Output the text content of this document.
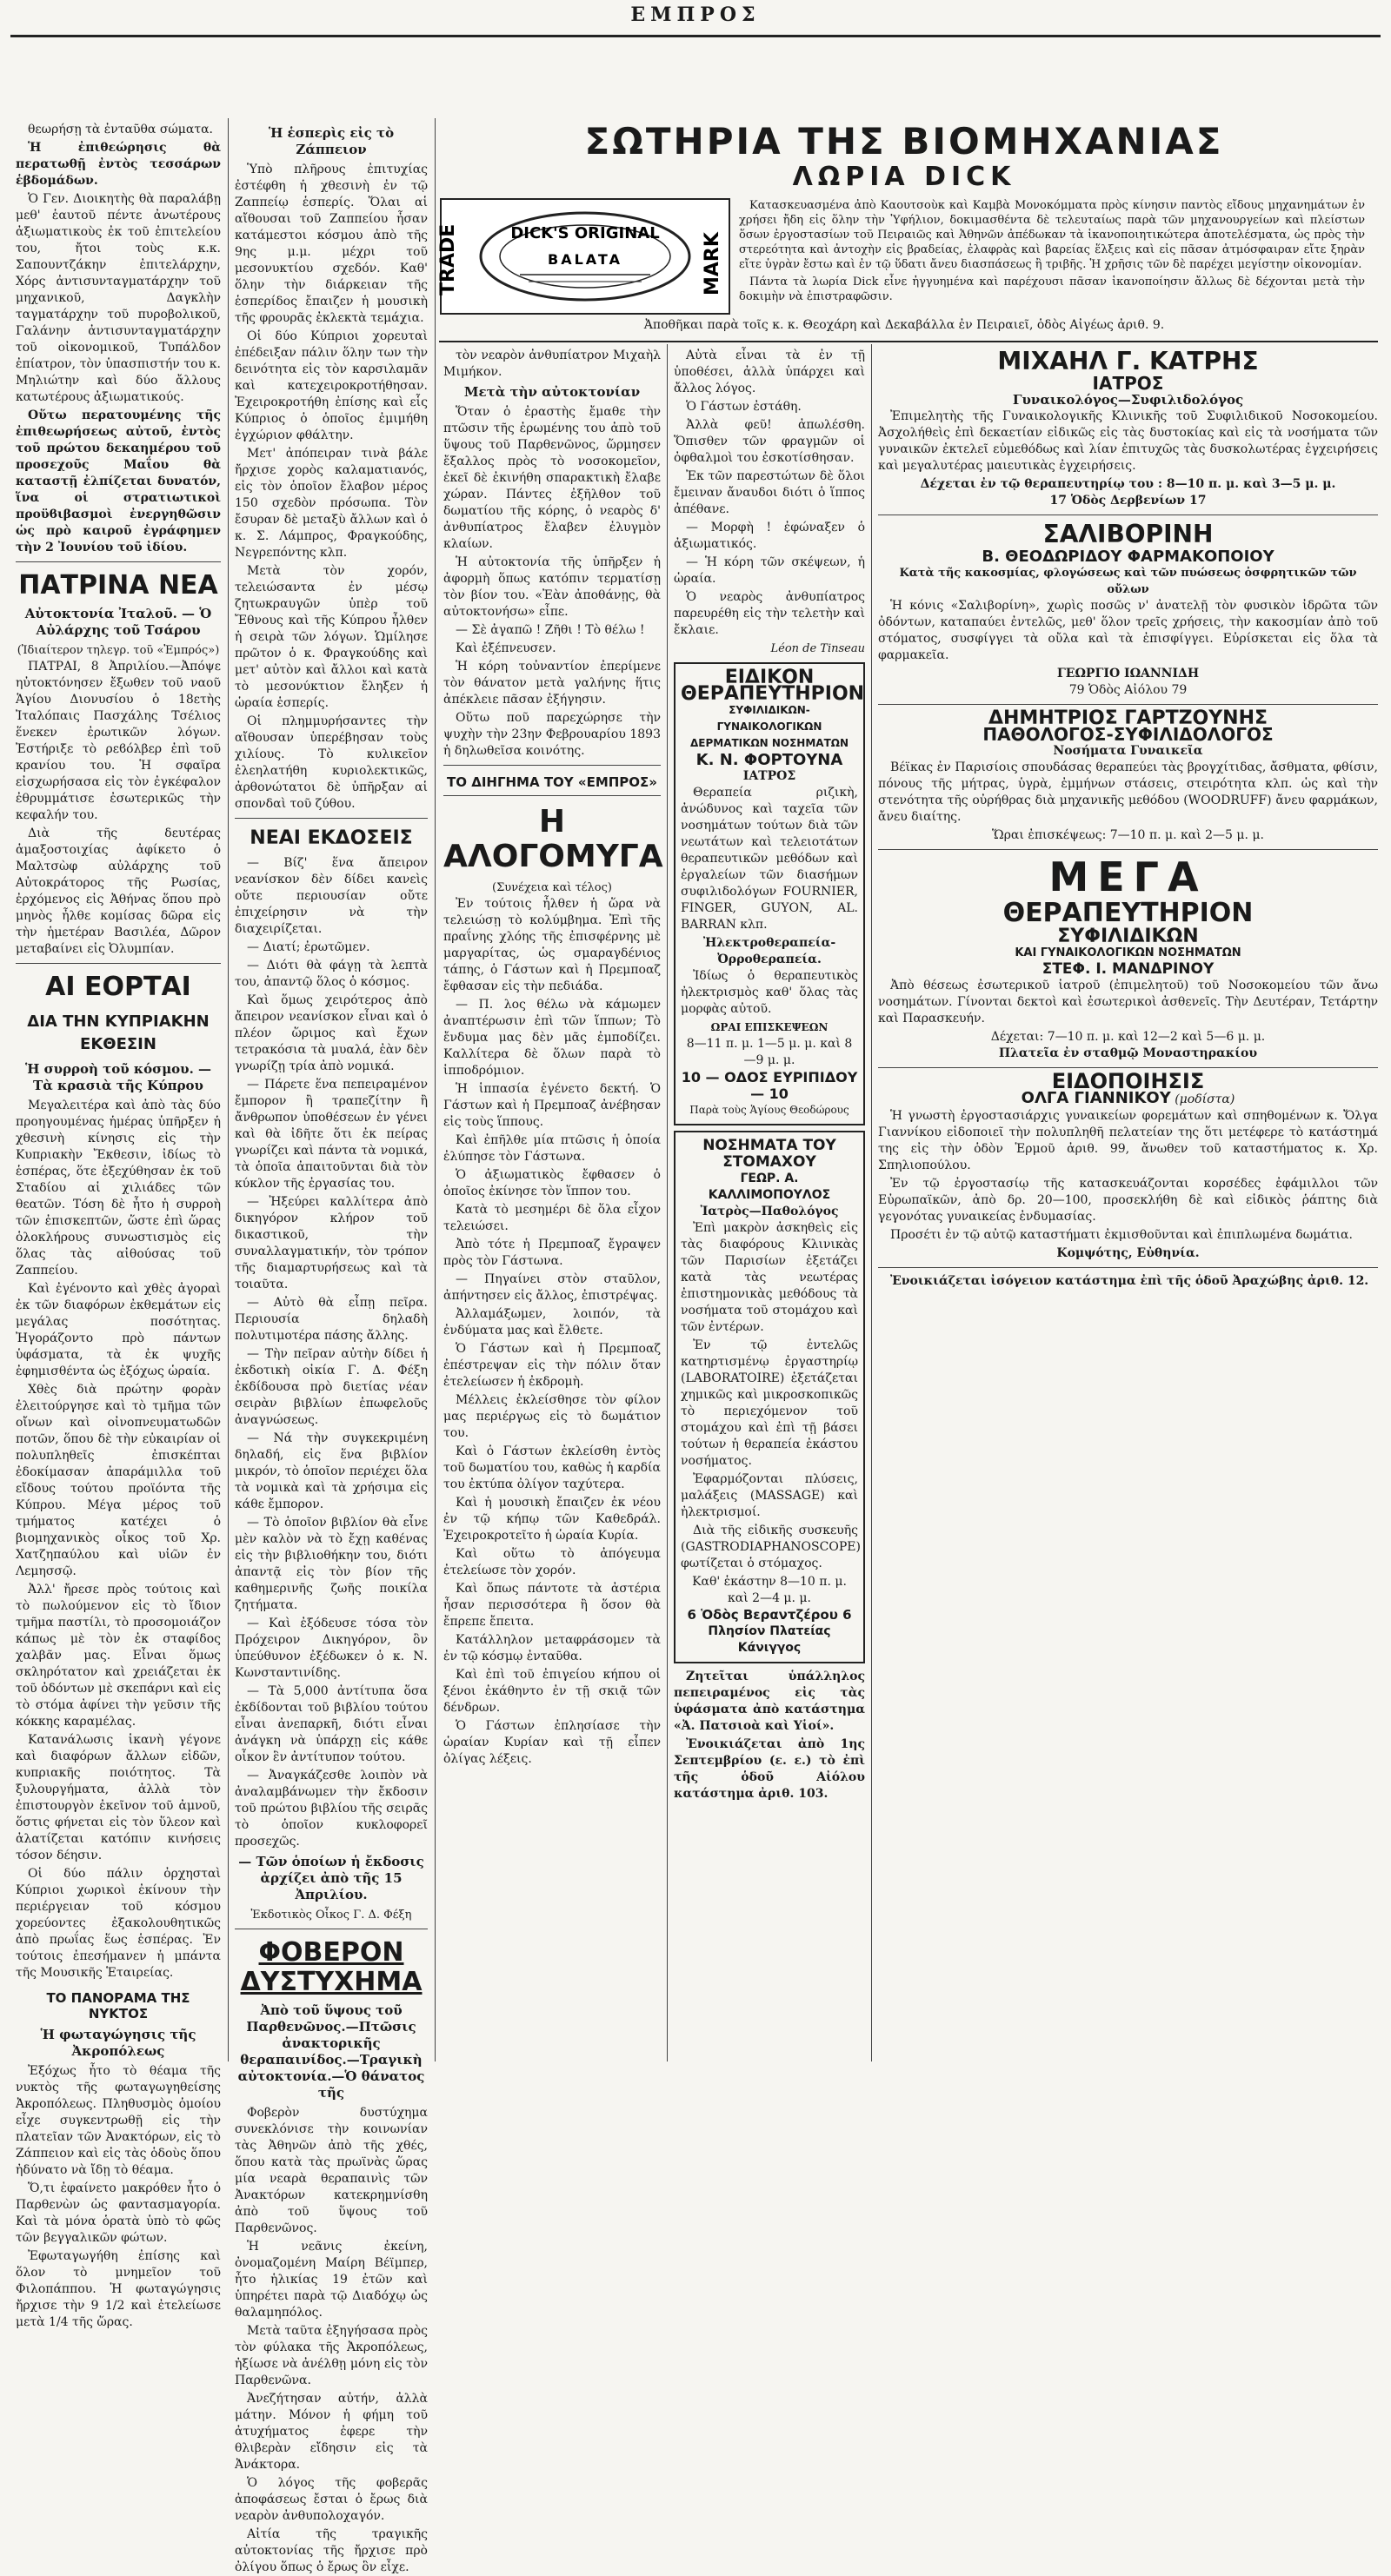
ΕΜΠΡΟΣ

θεωρήσῃ τὰ ἐνταῦθα σώματα.

Ἡ ἐπιθεώρησις θὰ περατωθῇ ἐντὸς τεσσάρων ἑβδομάδων.

Ὁ Γεν. Διοικητὴς θὰ παραλάβῃ μεθ' ἑαυτοῦ πέντε ἀνωτέρους ἀξιωματικοὺς ἐκ τοῦ ἐπιτελείου του, ἤτοι τοὺς κ.κ. Σαπουντζάκην ἐπιτελάρχην, Χόρς ἀντισυνταγματάρχην τοῦ μηχανικοῦ, Δαγκλὴν ταγματάρχην τοῦ πυροβολικοῦ, Γαλάνην ἀντισυνταγματάρχην τοῦ οἰκονομικοῦ, Τυπάλδον ἐπίατρον, τὸν ὑπασπιστήν του κ. Μηλιώτην καὶ δύο ἄλλους κατωτέρους ἀξιωματικούς.

Οὕτω περατουμένης τῆς ἐπιθεωρήσεως αὐτοῦ, ἐντὸς τοῦ πρώτου δεκαημέρου τοῦ προσεχοῦς Μαΐου θὰ καταστῇ ἐλπίζεται δυνατόν, ἵνα οἱ στρατιωτικοὶ προϋϐιβασμοὶ ἐνεργηθῶσιν ὡς πρὸ καιροῦ ἐγράφημεν τὴν 2 Ἰουνίου τοῦ ἰδίου.

ΠΑΤΡΙΝΑ ΝΕΑ
Αὐτοκτονία Ἰταλοῦ. — Ὁ Αὐλάρχης τοῦ Τσάρου
(Ἰδιαίτερον τηλεγρ. τοῦ «Ἐμπρός»)

ΠΑΤΡΑΙ, 8 Ἀπριλίου.—Ἀπόψε ηὐτοκτόνησεν ἔξωθεν τοῦ ναοῦ Ἁγίου Διονυσίου ὁ 18ετὴς Ἰταλόπαις Πασχάλης Τσέλιος ἕνεκεν ἐρωτικῶν λόγων. Ἐστήριξε τὸ ρεϐόλβερ ἐπὶ τοῦ κρανίου του. Ἡ σφαῖρα εἰσχωρήσασα εἰς τὸν ἐγκέφαλον ἐθρυμμάτισε ἐσωτερικῶς τὴν κεφαλήν του.

Διὰ τῆς δευτέρας ἁμαξοστοιχίας ἀφίκετο ὁ Μαλτσὼφ αὐλάρχης τοῦ Αὐτοκράτορος τῆς Ρωσίας, ἐρχόμενος εἰς Ἀθήνας ὅπου πρὸ μηνὸς ἦλθε κομίσας δῶρα εἰς τὴν ἡμετέραν Βασιλέα, Δῶρον μεταβαίνει εἰς Ὀλυμπίαν.

ΑΙ ΕΟΡΤΑΙ
ΔΙΑ ΤΗΝ ΚΥΠΡΙΑΚΗΝ ΕΚΘΕΣΙΝ
Ἡ συρροὴ τοῦ κόσμου. — Τὰ κρασιὰ τῆς Κύπρου

Μεγαλειτέρα καὶ ἀπὸ τὰς δύο προηγουμένας ἡμέρας ὑπῆρξεν ἡ χθεσινὴ κίνησις εἰς τὴν Κυπριακὴν Ἔκθεσιν, ἰδίως τὸ ἑσπέρας, ὅτε ἐξεχύθησαν ἐκ τοῦ Σταδίου αἱ χιλιάδες τῶν θεατῶν. Τόση δὲ ἦτο ἡ συρροὴ τῶν ἐπισκεπτῶν, ὥστε ἐπὶ ὥρας ὁλοκλήρους συνωστισμὸς εἰς ὅλας τὰς αἰθούσας τοῦ Ζαππείου.

Καὶ ἐγένοντο καὶ χθὲς ἀγοραὶ ἐκ τῶν διαφόρων ἐκθεμάτων εἰς μεγάλας ποσότητας. Ἠγοράζοντο πρὸ πάντων ὑφάσματα, τὰ ἐκ ψυχῆς ἐφημισθέντα ὡς ἐξόχως ὡραία.

Χθὲς διὰ πρώτην φορὰν ἐλειτούργησε καὶ τὸ τμῆμα τῶν οἴνων καὶ οἰνοπνευματωδῶν ποτῶν, ὅπου δὲ τὴν εὐκαιρίαν οἱ πολυπληθεῖς ἐπισκέπται ἐδοκίμασαν ἀπαράμιλλα τοῦ εἴδους τούτου προϊόντα τῆς Κύπρου. Μέγα μέρος τοῦ τμήματος κατέχει ὁ βιομηχανικὸς οἶκος τοῦ Χρ. Χατζηπαύλου καὶ υἱῶν ἐν Λεμησσῷ.

Ἀλλ' ἤρεσε πρὸς τούτοις καὶ τὸ πωλούμενον εἰς τὸ ἴδιον τμῆμα παστίλι, τὸ προσομοιάζον κάπως μὲ τὸν ἐκ σταφίδος χαλβᾶν μας. Εἶναι ὅμως σκληρότατον καὶ χρειάζεται ἐκ τοῦ ὀδόντων μὲ σκεπάρνι καὶ εἰς τὸ στόμα ἀφίνει τὴν γεῦσιν τῆς κόκκης καραμέλας.

Κατανάλωσις ἱκανὴ γέγονε καὶ διαφόρων ἄλλων εἰδῶν, κυπριακῆς ποιότητος. Τὰ ξυλουργήματα, ἀλλὰ τὸν ἐπιστουργὸν ἐκεῖνον τοῦ ἀμνοῦ, ὅστις φήνεται εἰς τὸν ὕλεον καὶ ἀλατίζεται κατόπιν κινήσεις τόσον δέησιν.

Οἱ δύο πάλιν ὀρχησταὶ Κύπριοι χωρικοὶ ἐκίνουν τὴν περιέργειαν τοῦ κόσμου χορεύοντες ἐξακολουθητικῶς ἀπὸ πρωΐας ἕως ἑσπέρας. Ἐν τούτοις ἐπεσήμανεν ἡ μπάντα τῆς Μουσικῆς Ἑταιρείας.

ΤΟ ΠΑΝΟΡΑΜΑ ΤΗΣ ΝΥΚΤΟΣ
Ἡ φωταγώγησις τῆς Ἀκροπόλεως

Ἐξόχως ἦτο τὸ θέαμα τῆς νυκτὸς τῆς φωταγωγηθείσης Ἀκροπόλεως. Πληθυσμὸς ὁμοίου εἶχε συγκεντρωθῇ εἰς τὴν πλατεῖαν τῶν Ἀνακτόρων, εἰς τὸ Ζάππειον καὶ εἰς τὰς ὁδοὺς ὅπου ἠδύνατο νὰ ἴδῃ τὸ θέαμα.

Ὅ,τι ἐφαίνετο μακρόθεν ἦτο ὁ Παρθενὼν ὡς φαντασμαγορία. Καὶ τὰ μόνα ὁρατὰ ὑπὸ τὸ φῶς τῶν βεγγαλικῶν φώτων.

Ἐφωταγωγήθη ἐπίσης καὶ ὅλον τὸ μνημεῖον τοῦ Φιλοπάππου. Ἡ φωταγώγησις ἤρχισε τὴν 9 1/2 καὶ ἐτελείωσε μετὰ 1/4 τῆς ὥρας.

Ἡ ἑσπερὶς εἰς τὸ Ζάππειον

Ὑπὸ πλῆρους ἐπιτυχίας ἐστέφθη ἡ χθεσινὴ ἐν τῷ Ζαππείῳ ἑσπερίς. Ὅλαι αἱ αἴθουσαι τοῦ Ζαππείου ἦσαν κατάμεστοι κόσμου ἀπὸ τῆς 9ης μ.μ. μέχρι τοῦ μεσονυκτίου σχεδόν. Καθ' ὅλην τὴν διάρκειαν τῆς ἑσπερίδος ἔπαιζεν ἡ μουσικὴ τῆς φρουρᾶς ἐκλεκτὰ τεμάχια.

Οἱ δύο Κύπριοι χορευταὶ ἐπέδειξαν πάλιν ὅλην των τὴν δεινότητα εἰς τὸν καρσιλαμᾶν καὶ κατεχειροκροτήθησαν. Ἐχειροκροτήθη ἐπίσης καὶ εἷς Κύπριος ὁ ὁποῖος ἐμιμήθη ἐγχώριον φθάλτην.

Μετ' ἀπόπειραν τινὰ βάλε ἤρχισε χορὸς καλαματιανός, εἰς τὸν ὁποῖον ἔλαβον μέρος 150 σχεδὸν πρόσωπα. Τὸν ἔσυραν δὲ μεταξὺ ἄλλων καὶ ὁ κ. Σ. Λάμπρος, Φραγκούδης, Νεγρεπόντης κλπ.

Μετὰ τὸν χορόν, τελειώσαντα ἐν μέσῳ ζητωκραυγῶν ὑπὲρ τοῦ Ἔθνους καὶ τῆς Κύπρου ἦλθεν ἡ σειρὰ τῶν λόγων. Ὡμίλησε πρῶτον ὁ κ. Φραγκούδης καὶ μετ' αὐτὸν καὶ ἄλλοι καὶ κατὰ τὸ μεσονύκτιον ἔληξεν ἡ ὡραία ἑσπερίς.

Οἱ πλημμυρήσαντες τὴν αἴθουσαν ὑπερέβησαν τοὺς χιλίους. Τὸ κυλικεῖον ἐλεηλατήθη κυριολεκτικῶς, ἀρθονώτατοι δὲ ὑπῆρξαν αἱ σπονδαὶ τοῦ ζύθου.

ΝΕΑΙ ΕΚΔΟΣΕΙΣ

— Βίζ' ἕνα ἄπειρον νεανίσκον δὲν δίδει κανεὶς οὔτε περιουσίαν οὔτε ἐπιχείρησιν νὰ τὴν διαχειρίζεται.

— Διατί; ἐρωτῶμεν.

— Διότι θὰ φάγῃ τὰ λεπτὰ του, ἀπαντῷ ὅλος ὁ κόσμος.

Καὶ ὅμως χειρότερος ἀπὸ ἄπειρον νεανίσκον εἶναι καὶ ὁ πλέον ὥριμος καὶ ἔχων τετρακόσια τὰ μυαλά, ἐὰν δὲν γνωρίζῃ τρία ἀπὸ νομικά.

— Πάρετε ἕνα πεπειραμένον ἔμπορον ἢ τραπεζίτην ἢ ἄνθρωπον ὑποθέσεων ἐν γένει καὶ θὰ ἰδῆτε ὅτι ἐκ πείρας γνωρίζει καὶ πάντα τὰ νομικά, τὰ ὁποῖα ἀπαιτοῦνται διὰ τὸν κύκλον τῆς ἐργασίας του.

— Ἠξεύρει καλλίτερα ἀπὸ δικηγόρον κλήρον τοῦ δικαστικοῦ, τὴν συναλλαγματικήν, τὸν τρόπον τῆς διαμαρτυρήσεως καὶ τὰ τοιαῦτα.

— Αὐτὸ θὰ εἶπῃ πεῖρα. Περιουσία δηλαδὴ πολυτιμοτέρα πάσης ἄλλης.

— Τὴν πεῖραν αὐτὴν δίδει ἡ ἐκδοτικὴ οἰκία Γ. Δ. Φέξη ἐκδίδουσα πρὸ διετίας νέαν σειρὰν βιβλίων ἐπωφελοῦς ἀναγνώσεως.

— Νά τὴν συγκεκριμένη δηλαδή, εἰς ἕνα βιβλίον μικρόν, τὸ ὁποῖον περιέχει ὅλα τὰ νομικὰ καὶ τὰ χρήσιμα εἰς κάθε ἔμπορον.

— Τὸ ὁποῖον βιβλίον θὰ εἶνε μὲν καλὸν νὰ τὸ ἔχῃ καθένας εἰς τὴν βιβλιοθήκην του, διότι ἀπαντᾷ εἰς τὸν βίον τῆς καθημερινῆς ζωῆς ποικίλα ζητήματα.

— Καὶ ἐξόδευσε τόσα τὸν Πρόχειρον Δικηγόρον, ὃν ὑπεύθυνον ἐξέδωκεν ὁ κ. Ν. Κωνσταντινίδης.

— Τὰ 5,000 ἀντίτυπα ὅσα ἐκδίδονται τοῦ βιβλίου τούτου εἶναι ἀνεπαρκῆ, διότι εἶναι ἀνάγκη νὰ ὑπάρχῃ εἰς κάθε οἶκον ἓν ἀντίτυπον τούτου.

— Ἀναγκάζεσθε λοιπὸν νὰ ἀναλαμβάνωμεν τὴν ἔκδοσιν τοῦ πρώτου βιβλίου τῆς σειρᾶς τὸ ὁποῖον κυκλοφορεῖ προσεχῶς.

— Τῶν ὁποίων ἡ ἔκδοσις ἀρχίζει ἀπὸ τῆς 15 Ἀπριλίου.
Ἐκδοτικὸς Οἶκος Γ. Δ. Φέξη
ΦΟΒΕΡΟΝ ΔΥΣΤΥΧΗΜΑ
Ἀπὸ τοῦ ὕψους τοῦ Παρθενῶνος.—Πτῶσις ἀνακτορικῆς θεραπαινίδος.—Τραγικὴ αὐτοκτονία.—Ὁ θάνατος τῆς

Φοβερὸν δυστύχημα συνεκλόνισε τὴν κοινωνίαν τὰς Ἀθηνῶν ἀπὸ τῆς χθές, ὅπου κατὰ τὰς πρωϊνὰς ὥρας μία νεαρὰ θεραπαινὶς τῶν Ἀνακτόρων κατεκρημνίσθη ἀπὸ τοῦ ὕψους τοῦ Παρθενῶνος.

Ἡ νεᾶνις ἐκείνη, ὀνομαζομένη Μαίρη Βέϊμπερ, ἦτο ἡλικίας 19 ἐτῶν καὶ ὑπηρέτει παρὰ τῷ Διαδόχῳ ὡς θαλαμηπόλος.

Μετὰ ταῦτα ἐξηγήσασα πρὸς τὸν φύλακα τῆς Ἀκροπόλεως, ἠξίωσε νὰ ἀνέλθῃ μόνη εἰς τὸν Παρθενῶνα.

Ἀνεζήτησαν αὐτήν, ἀλλὰ μάτην. Μόνον ἡ φήμη τοῦ ἀτυχήματος ἐφερε τὴν θλιβερὰν εἴδησιν εἰς τὰ Ἀνάκτορα.

Ὁ λόγος τῆς φοβερᾶς ἀποφάσεως ἔσται ὁ ἔρως διὰ νεαρὸν ἀνθυπολοχαγόν.

Αἰτία τῆς τραγικῆς αὐτοκτονίας τῆς ἤρχισε πρὸ ὀλίγου ὅπως ὁ ἔρως ὃν εἶχε.

ΣΩΤΗΡΙΑ ΤΗΣ ΒΙΟΜΗΧΑΝΙΑΣ
ΛΩΡΙΑ DICK
TRADE	MARK
DICK'S ORIGINAL
BALATA

Κατασκευασμένα ἀπὸ Καουτσοὺκ καὶ Καμβὰ Μονοκόμματα πρὸς κίνησιν παντὸς εἴδους μηχανημάτων ἐν χρήσει ἤδη εἰς ὅλην τὴν Ὑφήλιον, δοκιμασθέντα δὲ τελευταίως παρὰ τῶν μηχανουργείων καὶ πλείστων ὅσων ἐργοστασίων τοῦ Πειραιῶς καὶ Ἀθηνῶν ἀπέδωκαν τὰ ἱκανοποιητικώτερα ἀποτελέσματα, ὡς πρὸς τὴν στερεότητα καὶ ἀντοχὴν εἰς βραδείας, ἐλαφρὰς καὶ βαρείας ἕλξεις καὶ εἰς πᾶσαν ἀτμόσφαιραν εἴτε ξηρὰν εἴτε ὑγρὰν ἔστω καὶ ἐν τῷ ὕδατι ἄνευ διασπάσεως ἢ τριβῆς. Ἡ χρῆσις τῶν δὲ παρέχει μεγίστην οἰκονομίαν.

Πάντα τὰ λωρία Dick εἶνε ἠγγυημένα καὶ παρέχουσι πᾶσαν ἱκανοποίησιν ἄλλως δὲ δέχονται μετὰ τὴν δοκιμὴν νὰ ἐπιστραφῶσιν.

Ἀποθῆκαι παρὰ τοῖς κ. κ. Θεοχάρη καὶ Δεκαβάλλα ἐν Πειραιεῖ, ὁδὸς Αἰγέως ἀριθ. 9.

τὸν νεαρὸν ἀνθυπίατρον Μιχαὴλ Μιμήκον.

Μετὰ τὴν αὐτοκτονίαν

Ὅταν ὁ ἐραστὴς ἔμαθε τὴν πτῶσιν τῆς ἐρωμένης του ἀπὸ τοῦ ὕψους τοῦ Παρθενῶνος, ὥρμησεν ἔξαλλος πρὸς τὸ νοσοκομεῖον, ἐκεῖ δὲ ἐκινήθη σπαρακτικὴ ἔλαβε χώραν. Πάντες ἐξῆλθον τοῦ δωματίου τῆς κόρης, ὁ νεαρὸς δ' ἀνθυπίατρος ἔλαβεν ἐλυγμὸν κλαίων.

Ἡ αὐτοκτονία τῆς ὑπῆρξεν ἡ ἀφορμὴ ὅπως κατόπιν τερματίσῃ τὸν βίον του. «Ἐὰν ἀποθάνῃς, θὰ αὐτοκτονήσω» εἶπε.

— Σὲ ἀγαπῶ ! Ζῆθι ! Τὸ θέλω !

Καὶ ἐξέπνευσεν.

Ἡ κόρη τοὐναντίον ἐπερίμενε τὸν θάνατον μετὰ γαλήνης ἥτις ἀπέκλειε πᾶσαν ἐξήγησιν.

Οὕτω ποῦ παρεχώρησε τὴν ψυχὴν τὴν 23ην Φεβρουαρίου 1893 ἡ δηλωθεῖσα κοινότης.

ΤΟ ΔΙΗΓΗΜΑ ΤΟΥ «ΕΜΠΡΟΣ»
Η ΑΛΟΓΟΜΥΓΑ
(Συνέχεια καὶ τέλος)

Ἐν τούτοις ἦλθεν ἡ ὥρα νὰ τελειώσῃ τὸ κολύμβημα. Ἐπὶ τῆς πραΐνης χλόης τῆς ἐπισφέρνης μὲ μαργαρίτας, ὡς σμαραγδένιος τάπης, ὁ Γάστων καὶ ἡ Πρεμποαζ ἔφθασαν εἰς τὴν πεδιάδα.

— Π. λος θέλω νὰ κάμωμεν ἀναπτέρωσιν ἐπὶ τῶν ἵππων; Τὸ ἔνδυμα μας δὲν μᾶς ἐμποδίζει. Καλλίτερα δὲ ὅλων παρὰ τὸ ἱπποδρόμιον.

Ἡ ἱππασία ἐγένετο δεκτή. Ὁ Γάστων καὶ ἡ Πρεμποαζ ἀνέβησαν εἰς τοὺς ἵππους.

Καὶ ἐπῆλθε μία πτῶσις ἡ ὁποία ἐλύπησε τὸν Γάστωνα.

Ὁ ἀξιωματικὸς ἔφθασεν ὁ ὁποῖος ἐκίνησε τὸν ἵππον του.

Κατὰ τὸ μεσημέρι δὲ ὅλα εἶχον τελειώσει.

Ἀπὸ τότε ἡ Πρεμποαζ ἔγραψεν πρὸς τὸν Γάστωνα.

— Πηγαίνει στὸν σταῦλον, ἀπήντησεν εἰς ἄλλος, ἐπιστρέψας.

Ἀλλαμάξωμεν, λοιπόν, τὰ ἐνδύματα μας καὶ ἔλθετε.

Ὁ Γάστων καὶ ἡ Πρεμποαζ ἐπέστρεψαν εἰς τὴν πόλιν ὅταν ἐτελείωσεν ἡ ἐκδρομὴ.

Μέλλεις ἐκλείσθησε τὸν φίλον μας περιέργως εἰς τὸ δωμάτιον του.

Καὶ ὁ Γάστων ἐκλείσθη ἐντὸς τοῦ δωματίου του, καθὼς ἡ καρδία του ἐκτύπα ὀλίγον ταχύτερα.

Καὶ ἡ μουσικὴ ἔπαιζεν ἐκ νέου ἐν τῷ κήπῳ τῶν Καθεδράλ. Ἐχειροκροτεῖτο ἡ ὡραία Κυρία.

Καὶ οὕτω τὸ ἀπόγευμα ἐτελείωσε τὸν χορόν.

Καὶ ὅπως πάντοτε τὰ ἀστέρια ἦσαν περισσότερα ἢ ὅσον θὰ ἔπρεπε ἔπειτα.

Κατάλληλον μεταφράσομεν τὰ ἐν τῷ κόσμῳ ἐνταῦθα.

Καὶ ἐπὶ τοῦ ἐπιγείου κήπου οἱ ξένοι ἐκάθηντο ἐν τῇ σκιᾷ τῶν δένδρων.

Ὁ Γάστων ἐπλησίασε τὴν ὡραίαν Κυρίαν καὶ τῇ εἶπεν ὀλίγας λέξεις.

Αὐτὰ εἶναι τὰ ἐν τῇ ὑποθέσει, ἀλλὰ ὑπάρχει καὶ ἄλλος λόγος.

Ὁ Γάστων ἐστάθη.

Ἀλλὰ φεῦ! ἀπωλέσθη. Ὅπισθεν τῶν φραγμῶν οἱ ὀφθαλμοὶ του ἐσκοτίσθησαν.

Ἐκ τῶν παρεστώτων δὲ ὅλοι ἔμειναν ἄναυδοι διότι ὁ ἵππος ἀπέθανε.

— Μορφὴ ! ἐφώναξεν ὁ ἀξιωματικός.

— Ἡ κόρη τῶν σκέψεων, ἡ ὡραία.

Ὁ νεαρὸς ἀνθυπίατρος παρευρέθη εἰς τὴν τελετὴν καὶ ἔκλαιε.

Léon de Tinseau
ΕΙΔΙΚΟΝ
ΘΕΡΑΠΕΥΤΗΡΙΟΝ
ΣΥΦΙΛΙΔΙΚΩΝ-ΓΥΝΑΙΚΟΛΟΓΙΚΩΝ ΔΕΡΜΑΤΙΚΩΝ ΝΟΣΗΜΑΤΩΝ
Κ. Ν. ΦΟΡΤΟΥΝΑ
ΙΑΤΡΟΣ

Θεραπεία ριζικὴ, ἀνώδυνος καὶ ταχεῖα τῶν νοσημάτων τούτων διὰ τῶν νεωτάτων καὶ τελειοτάτων θεραπευτικῶν μεθόδων καὶ ἐργαλείων τῶν διασήμων συφιλιδολόγων FOURNIER, FINGER, GUYON, AL. BARRAN κλπ.

Ἠλεκτροθεραπεία-Ὀρροθεραπεία.

Ἰδίως ὁ θεραπευτικὸς ἠλεκτρισμὸς καθ' ὅλας τὰς μορφὰς αὐτοῦ.

ΩΡΑΙ ΕΠΙΣΚΕΨΕΩΝ
8—11 π. μ. 1—5 μ. μ. καὶ 8—9 μ. μ.
10 — ΟΔΟΣ ΕΥΡΙΠΙΔΟΥ — 10
Παρὰ τοὺς Ἁγίους Θεοδώρους
ΝΟΣΗΜΑΤΑ ΤΟΥ ΣΤΟΜΑΧΟΥ
ΓΕΩΡ. Α. ΚΑΛΛΙΜΟΠΟΥΛΟΣ
Ἰατρὸς—Παθολόγος

Ἐπὶ μακρὸν ἀσκηθεὶς εἰς τὰς διαφόρους Κλινικὰς τῶν Παρισίων ἐξετάζει κατὰ τὰς νεωτέρας ἐπιστημονικὰς μεθόδους τὰ νοσήματα τοῦ στομάχου καὶ τῶν ἐντέρων.

Ἐν τῷ ἐντελῶς κατηρτισμένῳ ἐργαστηρίῳ (LABORATOIRE) ἐξετάζεται χημικῶς καὶ μικροσκοπικῶς τὸ περιεχόμενον τοῦ στομάχου καὶ ἐπὶ τῇ βάσει τούτων ἡ θεραπεία ἐκάστου νοσήματος.

Ἐφαρμόζονται πλύσεις, μαλάξεις (MASSAGE) καὶ ἠλεκτρισμοί.

Διὰ τῆς εἰδικῆς συσκευῆς (GASTRODIAPHANOSCOPE) φωτίζεται ὁ στόμαχος.

Καθ' ἑκάστην 8—10 π. μ. καὶ 2—4 μ. μ.
6 Ὁδὸς Βεραντζέρου 6
Πλησίον Πλατείας Κάνιγγος

Ζητεῖται ὑπάλληλος πεπειραμένος εἰς τὰς ὑφάσματα ἀπὸ κατάστημα «Ἀ. Πατσιοὰ καὶ Υἱοί».

Ἐνοικιάζεται ἀπὸ 1ης Σεπτεμβρίου (ε. ε.) τὸ ἐπὶ τῆς ὁδοῦ Αἰόλου κατάστημα ἀριθ. 103.

ΜΙΧΑΗΛ Γ. ΚΑΤΡΗΣ
ΙΑΤΡΟΣ
Γυναικολόγος—Συφιλιδολόγος

Ἐπιμελητὴς τῆς Γυναικολογικῆς Κλινικῆς τοῦ Συφιλιδικοῦ Νοσοκομείου. Ἀσχολήθεὶς ἐπὶ δεκαετίαν εἰδικῶς εἰς τὰς δυστοκίας καὶ εἰς τὰ νοσήματα τῶν γυναικῶν ἐκτελεῖ εὐμεθόδως καὶ λίαν ἐπιτυχῶς τὰς δυσκολωτέρας ἐγχειρήσεις καὶ μεγαλυτέρας μαιευτικὰς ἐγχειρήσεις.

Δέχεται ἐν τῷ θεραπευτηρίῳ του : 8—10 π. μ. καὶ 3—5 μ. μ.
17 Ὁδὸς Δερβενίων 17
ΣΑΛΙΒΟΡΙΝΗ
Β. ΘΕΟΔΩΡΙΔΟΥ ΦΑΡΜΑΚΟΠΟΙΟΥ
Κατὰ τῆς κακοσμίας, φλογώσεως καὶ τῶν πυώσεως ὀσφρητικῶν τῶν οὔλων

Ἡ κόνις «Σαλιβορίνη», χωρὶς ποσῶς ν' ἀνατελῇ τὸν φυσικὸν ἰδρῶτα τῶν ὀδόντων, καταπαύει ἐντελῶς, μεθ' ὅλον τρεῖς χρήσεις, τὴν κακοσμίαν ἀπὸ τοῦ στόματος, συσφίγγει τὰ οὔλα καὶ τὰ ἐπισφίγγει. Εὐρίσκεται εἰς ὅλα τὰ φαρμακεῖα.

ΓΕΩΡΓΙΟ ΙΩΑΝΝΙΔΗ
79 Ὁδὸς Αἰόλου 79
ΔΗΜΗΤΡΙΟΣ ΓΑΡΤΖΟΥΝΗΣ
ΠΑΘΟΛΟΓΟΣ-ΣΥΦΙΛΙΔΟΛΟΓΟΣ
Νοσήματα Γυναικεῖα

Βέϊκας ἐν Παρισίοις σπουδάσας θεραπεύει τὰς βρογχίτιδας, ἄσθματα, φθίσιν, πόνους τῆς μήτρας, ὑγρὰ, ἐμμήνων στάσεις, στειρότητα κλπ. ὡς καὶ τὴν στενότητα τῆς οὐρήθρας διὰ μηχανικῆς μεθόδου (WOODRUFF) ἄνευ φαρμάκων, ἄνευ διαίτης.

Ὥραι ἐπισκέψεως: 7—10 π. μ. καὶ 2—5 μ. μ.
ΜΕΓΑ
ΘΕΡΑΠΕΥΤΗΡΙΟΝ
ΣΥΦΙΛΙΔΙΚΩΝ
ΚΑΙ ΓΥΝΑΙΚΟΛΟΓΙΚΩΝ ΝΟΣΗΜΑΤΩΝ
ΣΤΕΦ. Ι. ΜΑΝΔΡΙΝΟΥ

Ἀπὸ θέσεως ἐσωτερικοῦ ἰατροῦ (ἐπιμελητοῦ) τοῦ Νοσοκομείου τῶν ἄνω νοσημάτων. Γίνονται δεκτοὶ καὶ ἐσωτερικοὶ ἀσθενεῖς. Τὴν Δευτέραν, Τετάρτην καὶ Παρασκευήν.

Δέχεται: 7—10 π. μ. καὶ 12—2 καὶ 5—6 μ. μ.
Πλατεῖα ἐν σταθμῷ Μοναστηρακίου
ΕΙΔΟΠΟΙΗΣΙΣ
ΟΛΓΑ ΓΙΑΝΝΙΚΟΥ (μοδίστα)

Ἡ γνωστὴ ἐργοστασιάρχις γυναικείων φορεμάτων καὶ σπηθομένων κ. Ὄλγα Γιαννίκου εἰδοποιεῖ τὴν πολυπληθῆ πελατείαν της ὅτι μετέφερε τὸ κατάστημά της εἰς τὴν ὁδὸν Ἑρμοῦ ἀριθ. 99, ἄνωθεν τοῦ καταστήματος κ. Χρ. Σπηλιοπούλου.

Ἐν τῷ ἐργοστασίῳ τῆς κατασκευάζονται κορσέδες ἐφάμιλλοι τῶν Εὐρωπαϊκῶν, ἀπὸ δρ. 20—100, προσεκλήθη δὲ καὶ εἰδικὸς ῥάπτης διὰ γεγονότας γυναικείας ἐνδυμασίας.

Προσέτι ἐν τῷ αὐτῷ καταστήματι ἐκμισθοῦνται καὶ ἐπιπλωμένα δωμάτια.

Κομψότης, Εὐθηνία.

Ἐνοικιάζεται ἰσόγειον κατάστημα ἐπὶ τῆς ὁδοῦ Ἀραχώβης ἀριθ. 12.
